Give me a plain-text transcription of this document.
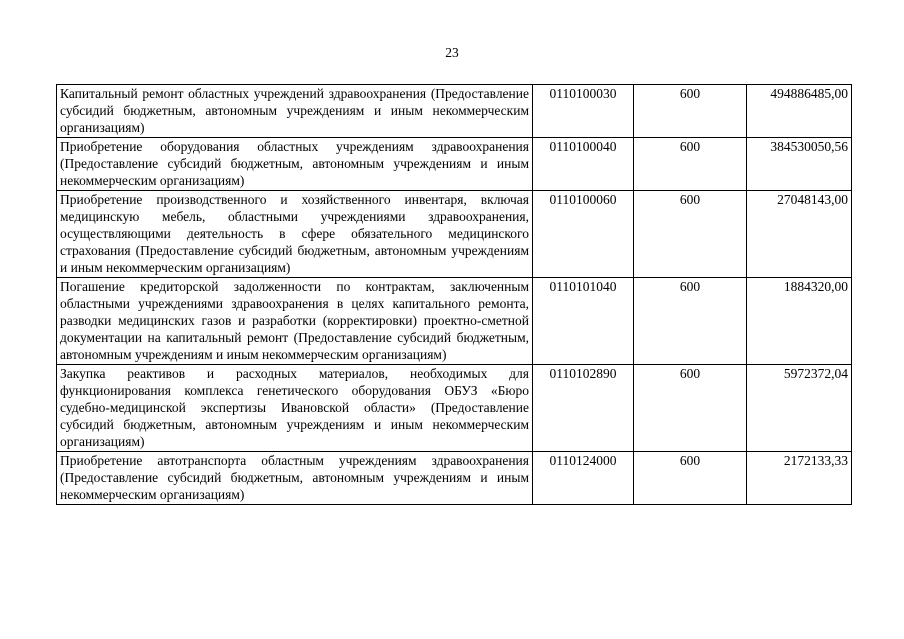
23
Капитальный ремонт областных учреждений здравоохранения (Предоставление субсидий бюджетным, автономным учреждениям и иным некоммерческим организациям)	0110100030	600	494886485,00
Приобретение оборудования областных учреждениям здравоохранения (Предоставление субсидий бюджетным, автономным учреждениям и иным некоммерческим организациям)	0110100040	600	384530050,56
Приобретение производственного и хозяйственного инвентаря, включая медицинскую мебель, областными учреждениями здравоохранения, осуществляющими деятельность в сфере обязательного медицинского страхования (Предоставление субсидий бюджетным, автономным учреждениям и иным некоммерческим организациям)	0110100060	600	27048143,00
Погашение кредиторской задолженности по контрактам, заключенным областными учреждениями здравоохранения в целях капитального ремонта, разводки медицинских газов и разработки (корректировки) проектно-сметной документации на капитальный ремонт (Предоставление субсидий бюджетным, автономным учреждениям и иным некоммерческим организациям)	0110101040	600	1884320,00
Закупка реактивов и расходных материалов, необходимых для функционирования комплекса генетического оборудования ОБУЗ «Бюро судебно-медицинской экспертизы Ивановской области» (Предоставление субсидий бюджетным, автономным учреждениям и иным некоммерческим организациям)	0110102890	600	5972372,04
Приобретение автотранспорта областным учреждениям здравоохранения (Предоставление субсидий бюджетным, автономным учреждениям и иным некоммерческим организациям)	0110124000	600	2172133,33
